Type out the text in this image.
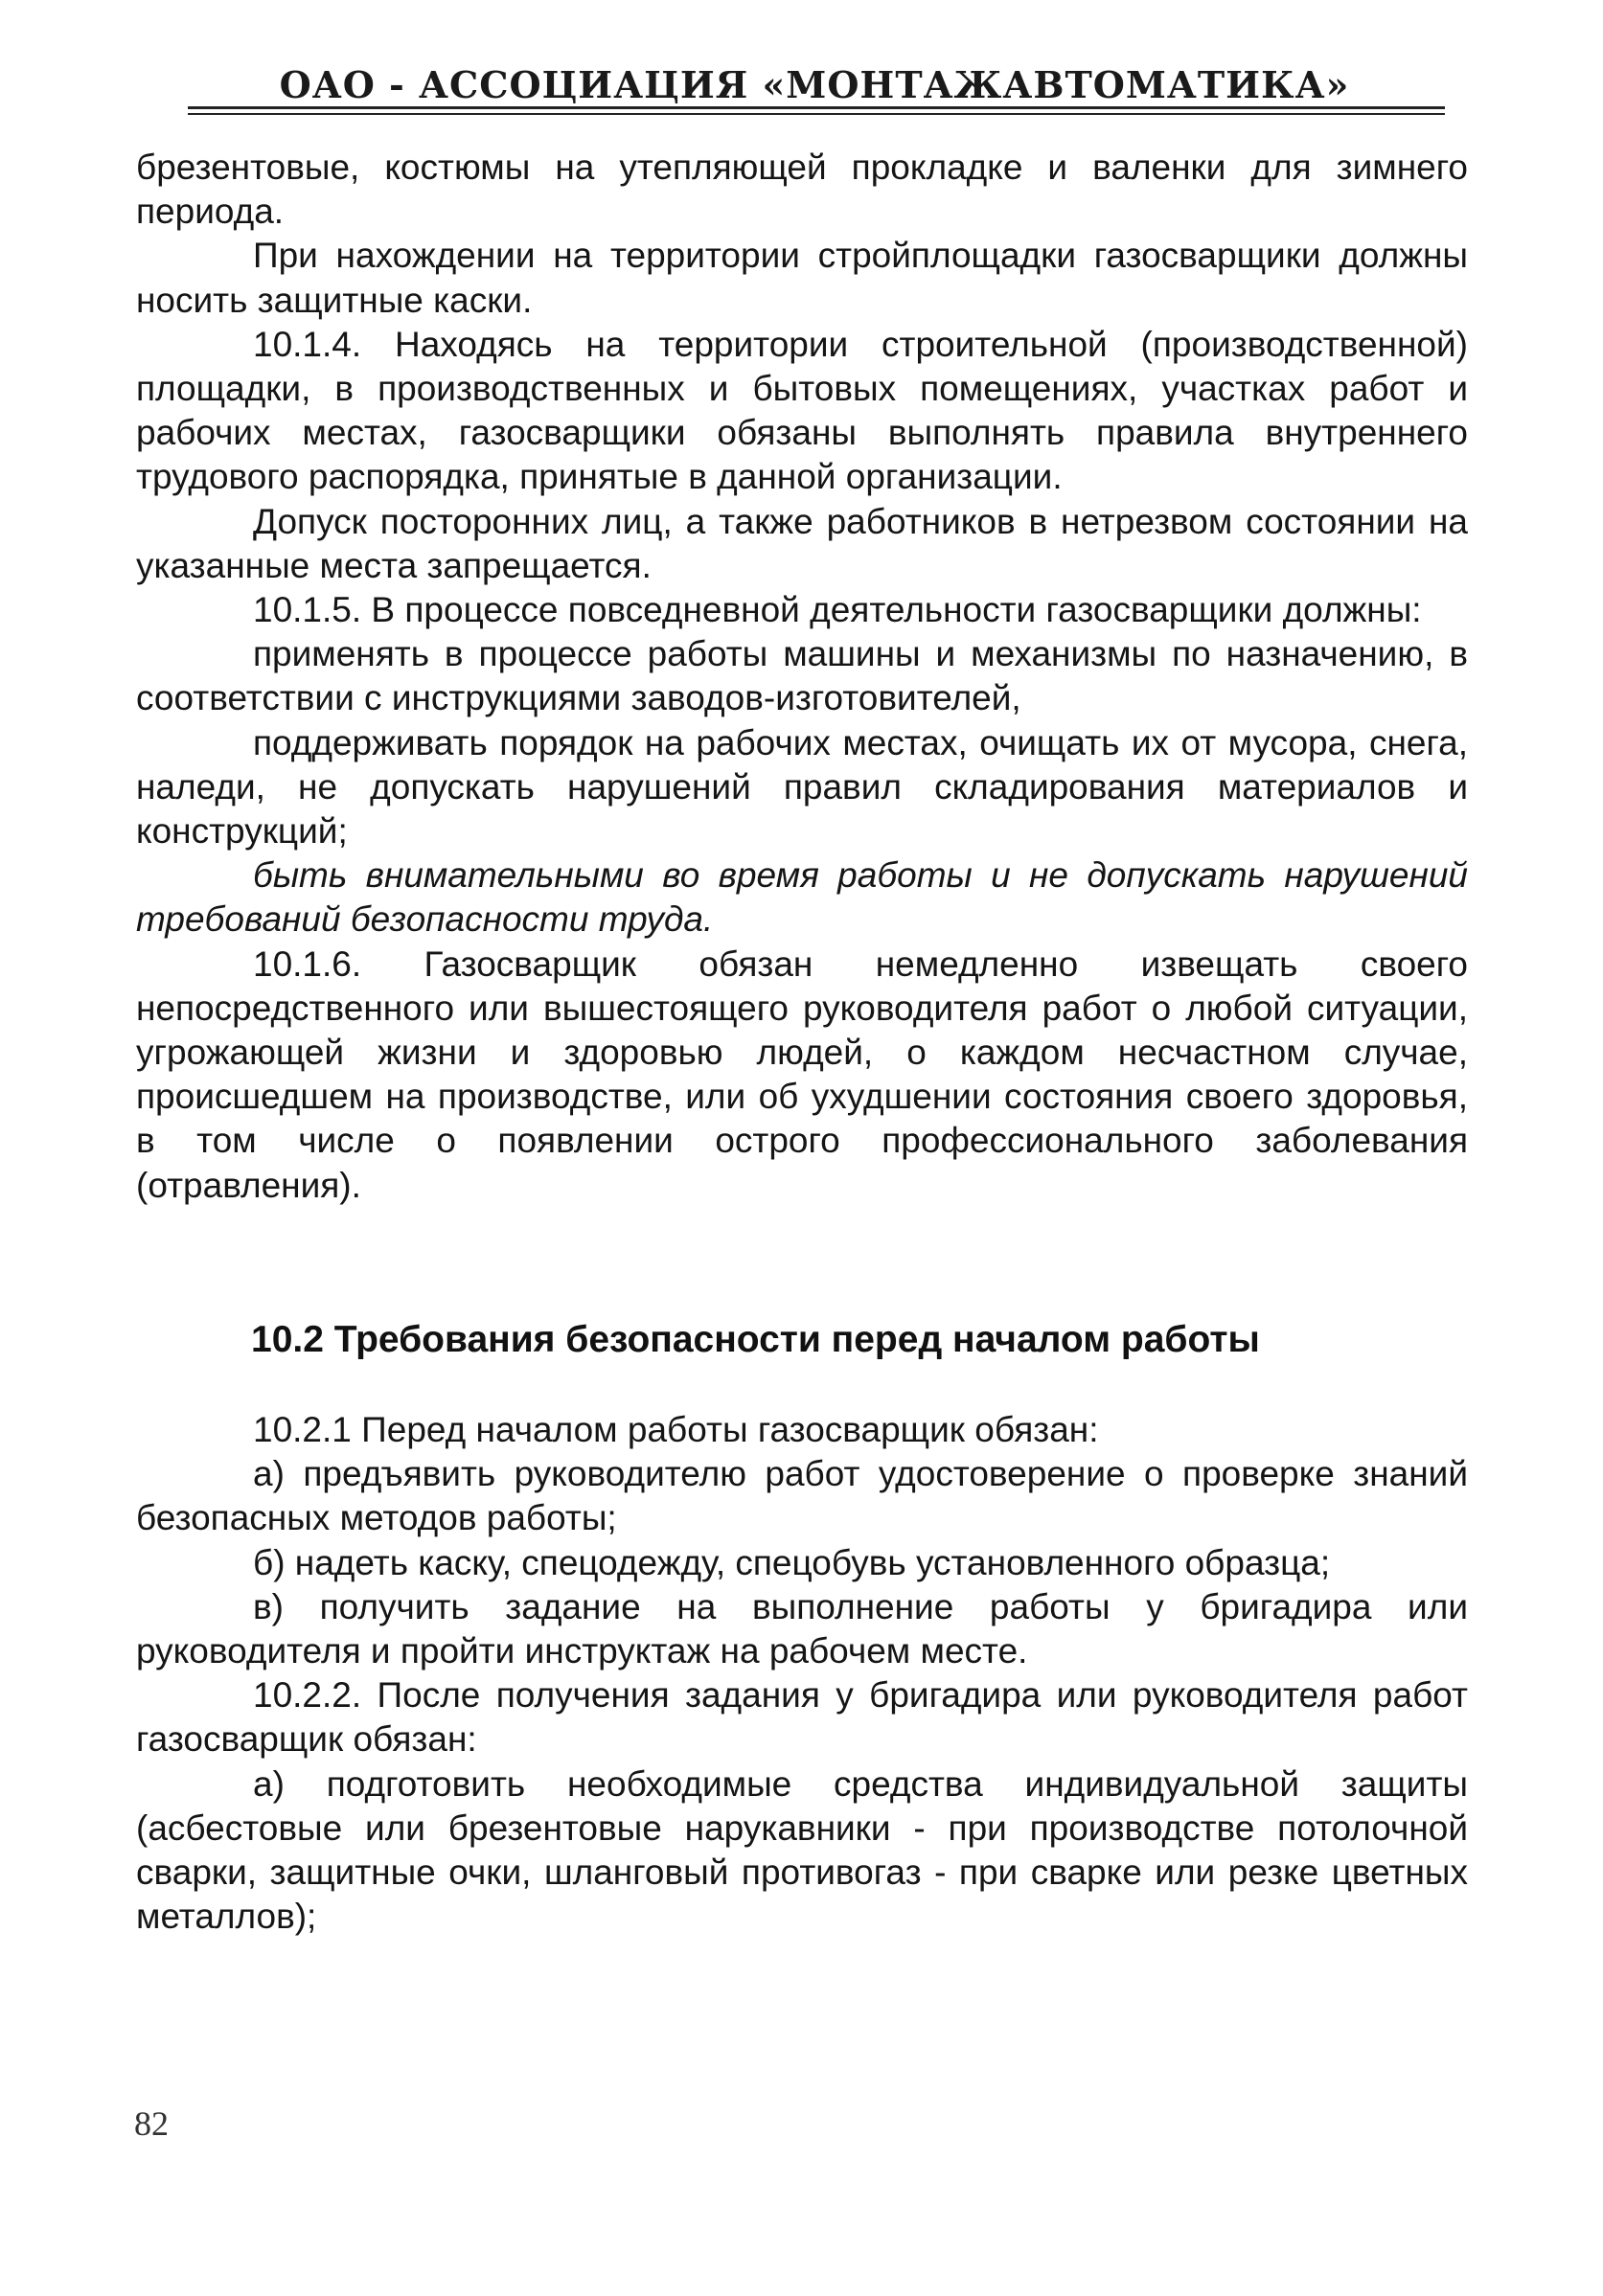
ОАО - АССОЦИАЦИЯ «МОНТАЖАВТОМАТИКА»

брезентовые, костюмы на утепляющей прокладке и валенки для зимнего периода.

При нахождении на территории стройплощадки газосварщики должны носить защитные каски.

10.1.4. Находясь на территории строительной (производственной) площадки, в производственных и бытовых помещениях, участках работ и рабочих местах, газосварщики обязаны выполнять правила внутреннего трудового распорядка, принятые в данной организации.

Допуск посторонних лиц, а также работников в нетрезвом состоянии на указанные места запрещается.

10.1.5. В процессе повседневной деятельности газосварщики должны:

применять в процессе работы машины и механизмы по назначению, в соответствии с инструкциями заводов-изготовителей,

поддерживать порядок на рабочих местах, очищать их от мусора, снега, наледи, не допускать нарушений правил складирования материалов и конструкций;

быть внимательными во время работы и не допускать нарушений требований безопасности труда.

10.1.6. Газосварщик обязан немедленно извещать своего непосредственного или вышестоящего руководителя работ о любой ситуации, угрожающей жизни и здоровью людей, о каждом несчастном случае, происшедшем на производстве, или об ухудшении состояния своего здоровья, в том числе о появлении острого профессионального заболевания (отравления).

10.2 Требования безопасности перед началом работы

10.2.1 Перед началом работы газосварщик обязан:

а) предъявить руководителю работ удостоверение о проверке знаний безопасных методов работы;

б) надеть каску, спецодежду, спецобувь установленного образца;

в) получить задание на выполнение работы у бригадира или руководителя и пройти инструктаж на рабочем месте.

10.2.2. После получения задания у бригадира или руководителя работ газосварщик обязан:

а) подготовить необходимые средства индивидуальной защиты (асбестовые или брезентовые нарукавники - при производстве потолочной сварки, защитные очки, шланговый противогаз - при сварке или резке цветных металлов);

82
